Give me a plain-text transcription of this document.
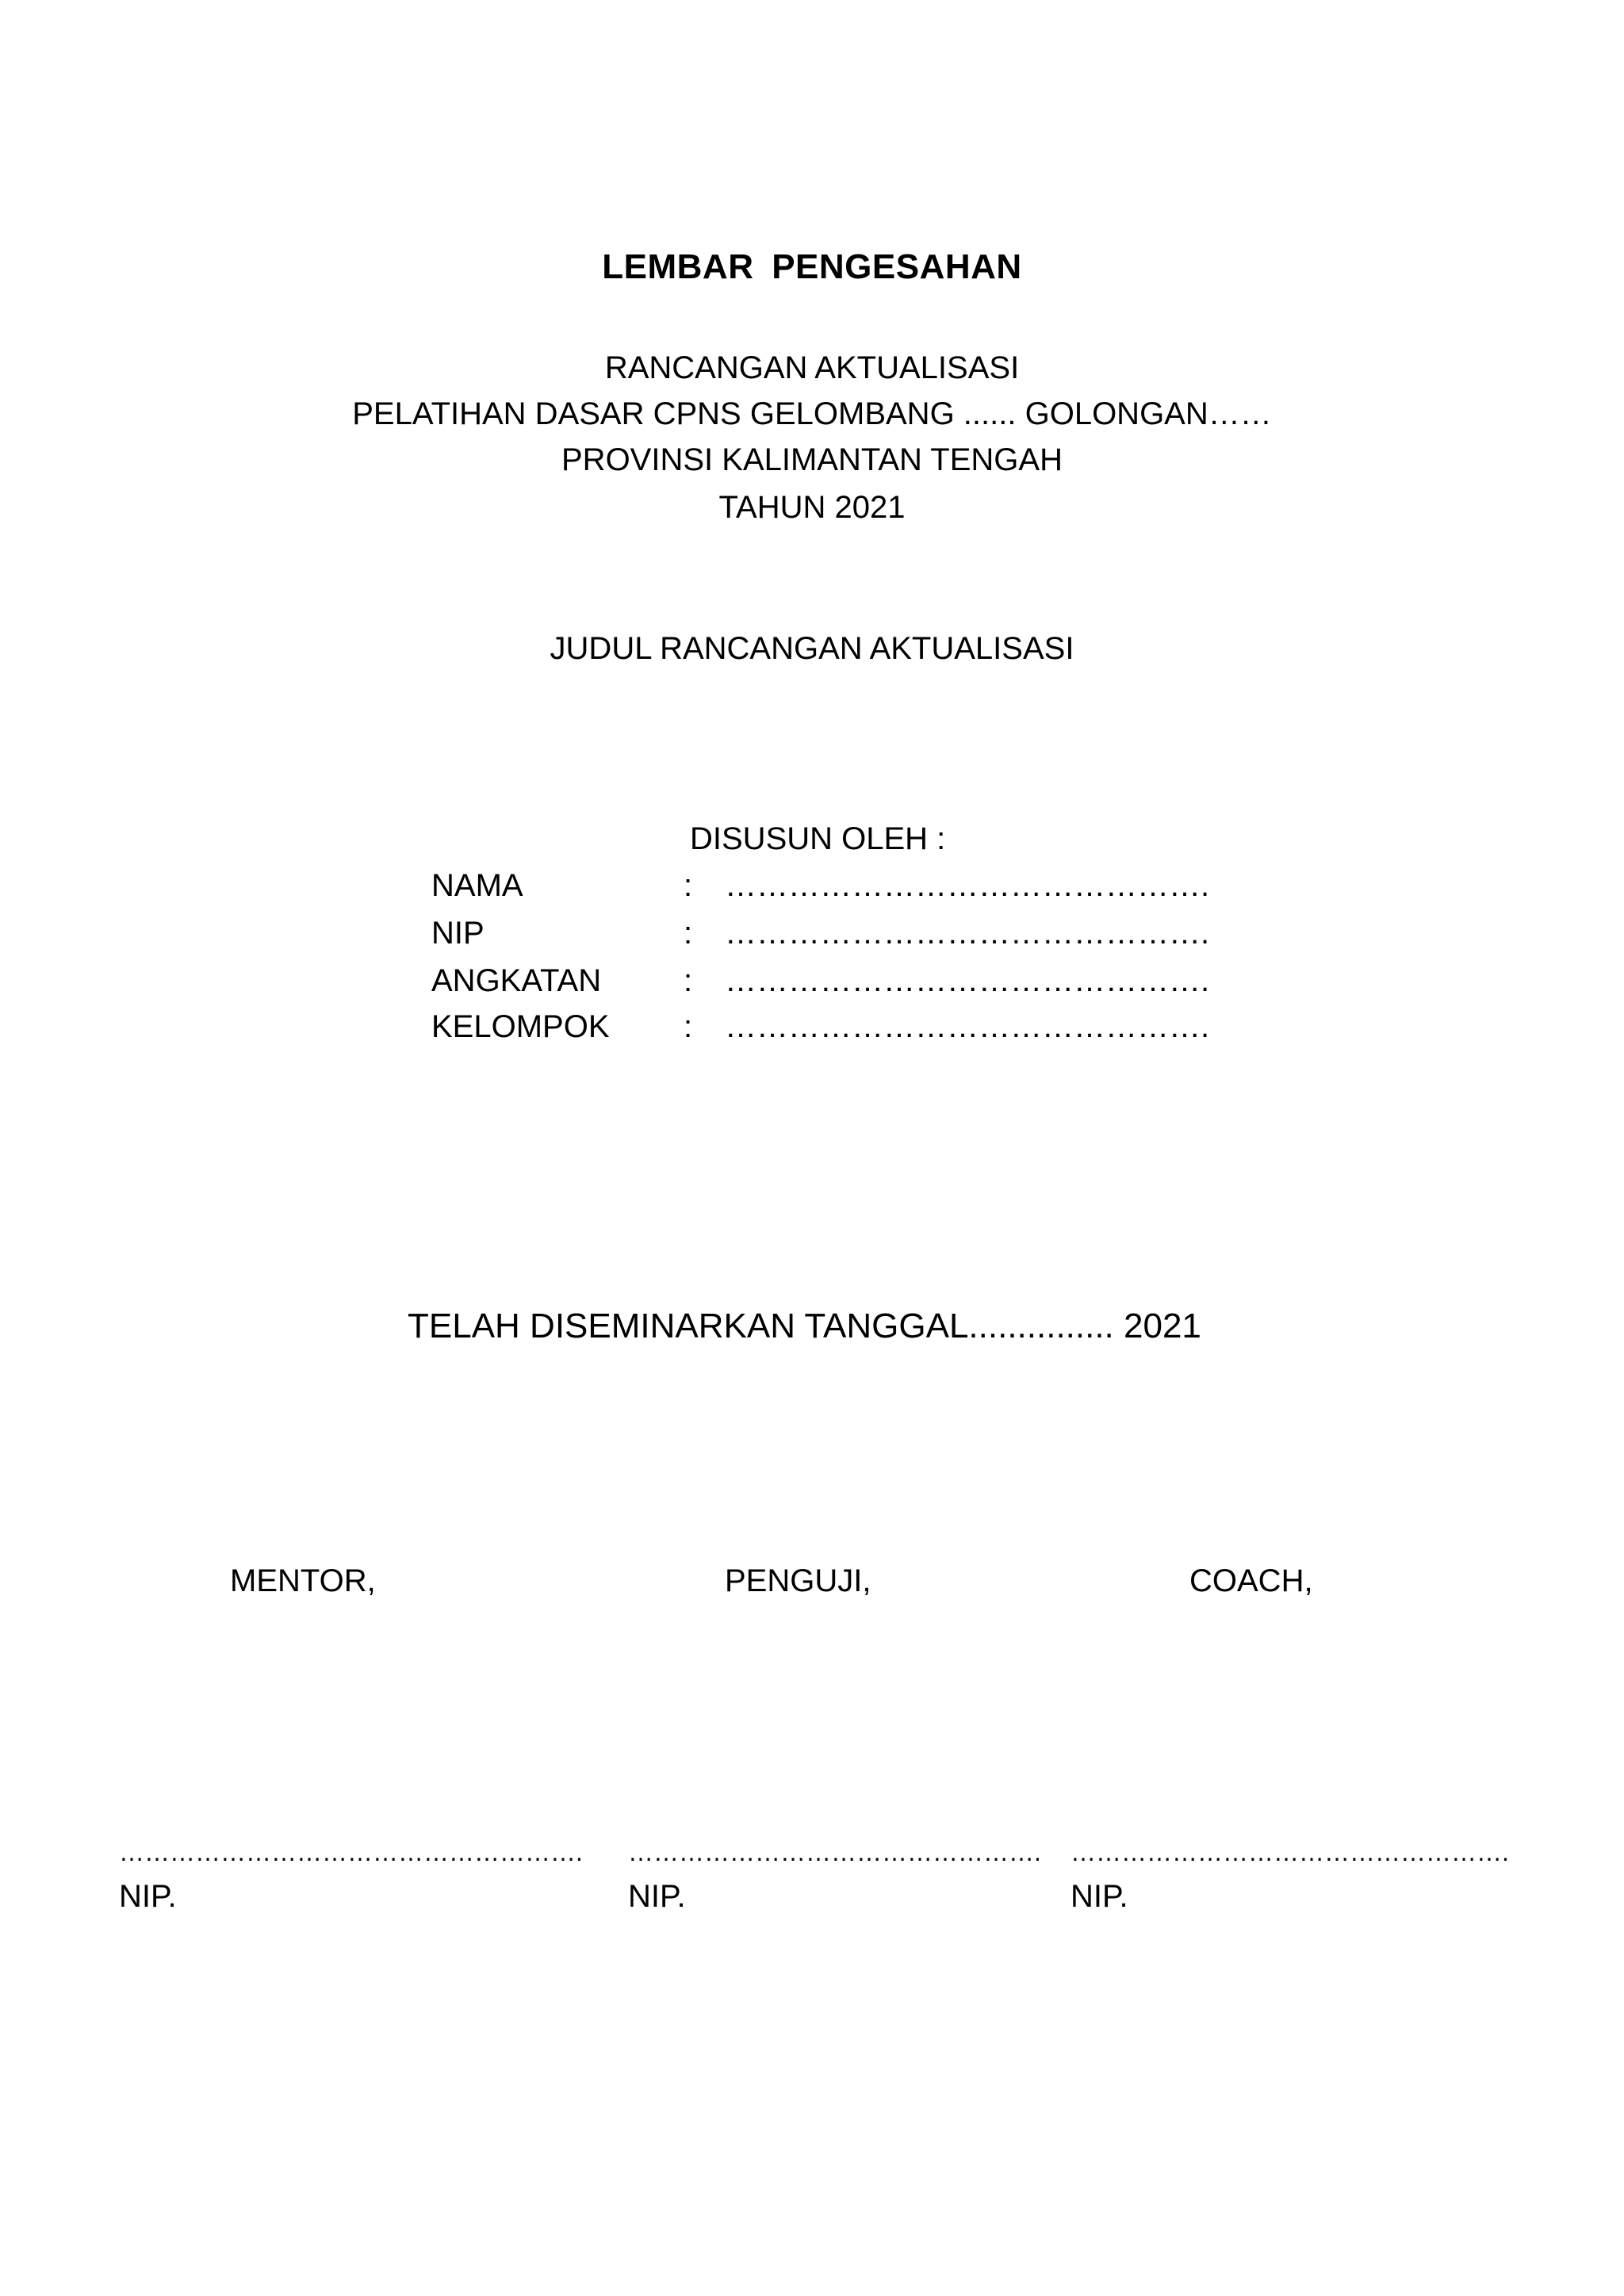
LEMBAR PENGESAHAN
RANCANGAN AKTUALISASI
PELATIHAN DASAR CPNS GELOMBANG ...... GOLONGAN……
PROVINSI KALIMANTAN TENGAH
TAHUN 2021
JUDUL RANCANGAN AKTUALISASI
DISUSUN OLEH :
NAMA	: ……………………………………….
NIP	: ……………………………………….
ANGKATAN	: ……………………………………….
KELOMPOK : ……………………………………….
TELAH DISEMINARKAN TANGGAL............... 2021
MENTOR,	PENGUJI,	COACH,
………………………………………………. …………………………………………. …………………………………………….
NIP.	NIP.	NIP.
